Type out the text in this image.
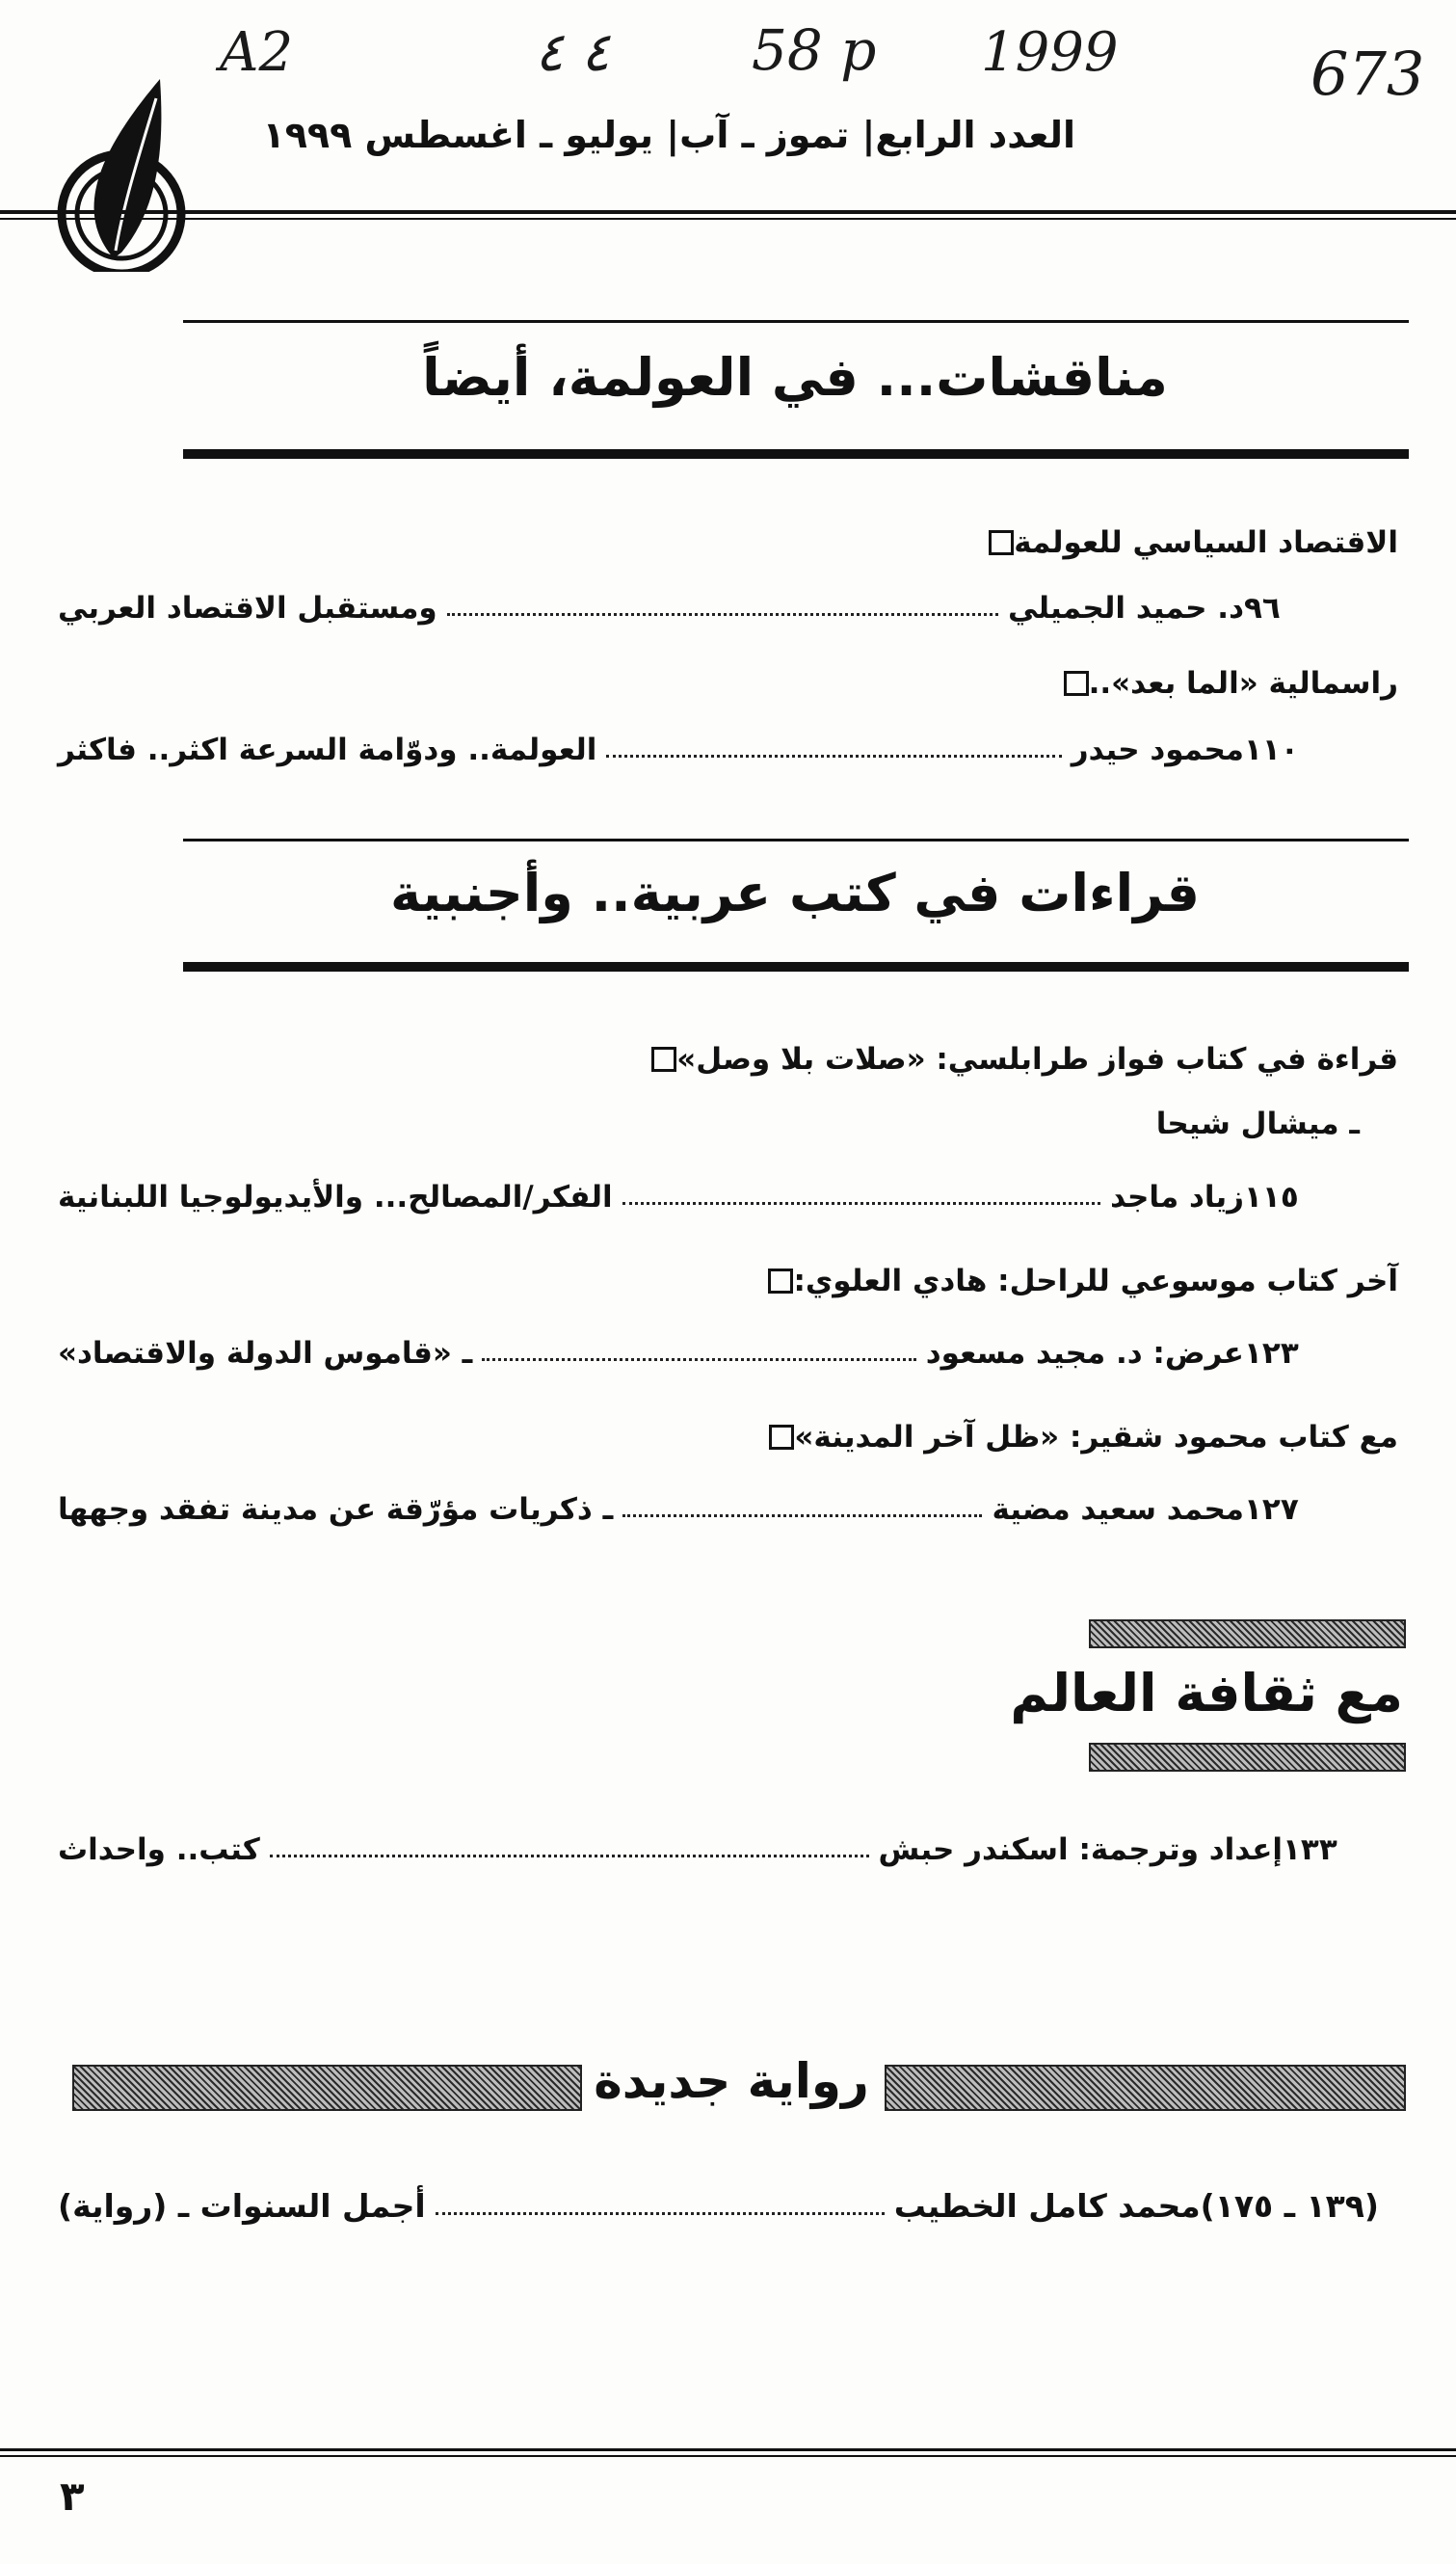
A2	٤ ٤	58 p 1999	673
العدد الرابع| تموز ـ آب| يوليو ـ اغسطس ١٩٩٩
مناقشات... في العولمة، أيضاً
الاقتصاد السياسي للعولمة
ومستقبل الاقتصاد العربي	د. حميد الجميلي ٩٦
راسمالية «الما بعد»..
العولمة.. ودوّامة السرعة اكثر.. فاكثر	محمود حيدر ١١٠
قراءات في كتب عربية.. وأجنبية
قراءة في كتاب فواز طرابلسي: «صلات بلا وصل»
ـ ميشال شيحا
الفكر/المصالح... والأيديولوجيا اللبنانية	زياد ماجد ١١٥
آخر كتاب موسوعي للراحل: هادي العلوي:
ـ «قاموس الدولة والاقتصاد»	عرض: د. مجيد مسعود ١٢٣
مع كتاب محمود شقير: «ظل آخر المدينة»
ـ ذكريات مؤرّقة عن مدينة تفقد وجهها	محمد سعيد مضية ١٢٧
مع ثقافة العالم
كتب.. واحداث	إعداد وترجمة: اسكندر حبش ١٣٣
رواية جديدة
أجمل السنوات ـ (رواية)	محمد كامل الخطيب (١٣٩ ـ ١٧٥)
٣
